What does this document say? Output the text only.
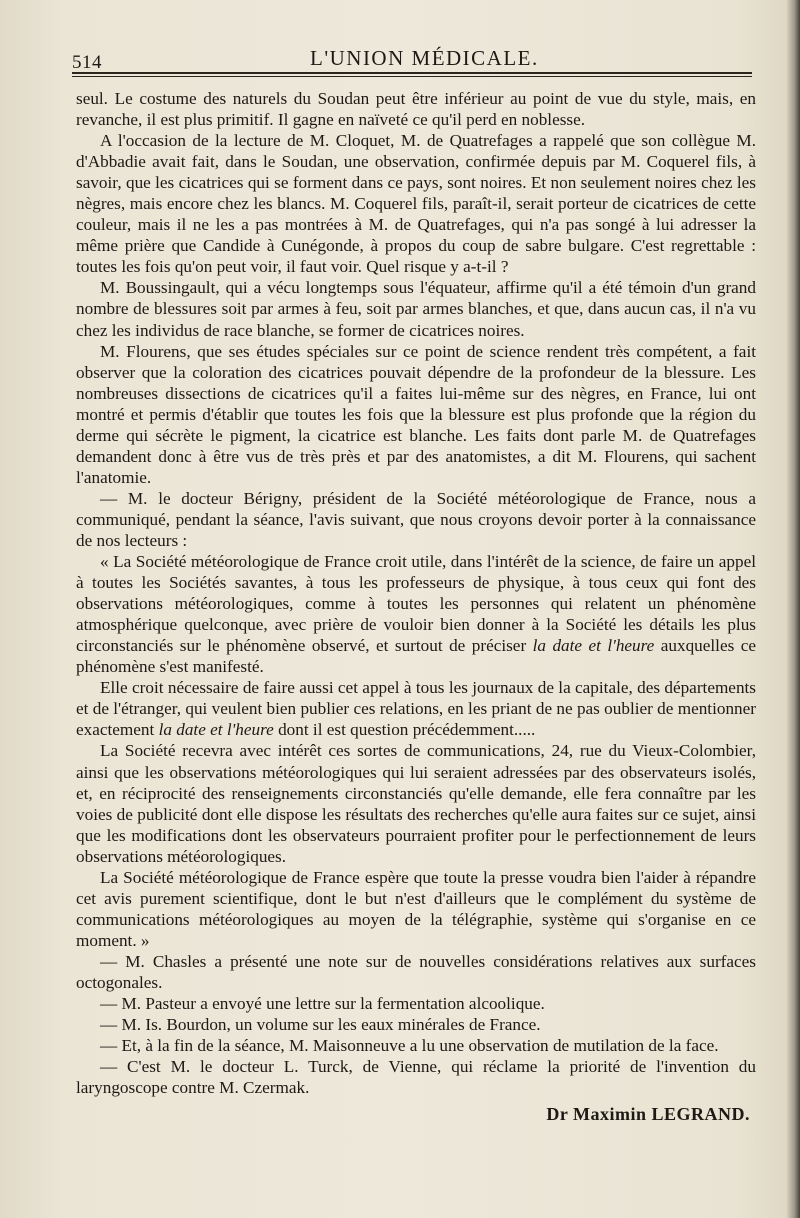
514	L'UNION MÉDICALE.

seul. Le costume des naturels du Soudan peut être inférieur au point de vue du style, mais, en revanche, il est plus primitif. Il gagne en naïveté ce qu'il perd en noblesse.

A l'occasion de la lecture de M. Cloquet, M. de Quatrefages a rappelé que son collègue M. d'Abbadie avait fait, dans le Soudan, une observation, confirmée depuis par M. Coquerel fils, à savoir, que les cicatrices qui se forment dans ce pays, sont noires. Et non seulement noires chez les nègres, mais encore chez les blancs. M. Coquerel fils, paraît-il, serait porteur de cicatrices de cette couleur, mais il ne les a pas montrées à M. de Quatrefages, qui n'a pas songé à lui adresser la même prière que Candide à Cunégonde, à propos du coup de sabre bulgare. C'est regrettable : toutes les fois qu'on peut voir, il faut voir. Quel risque y a-t-il ?

M. Boussingault, qui a vécu longtemps sous l'équateur, affirme qu'il a été témoin d'un grand nombre de blessures soit par armes à feu, soit par armes blanches, et que, dans aucun cas, il n'a vu chez les individus de race blanche, se former de cicatrices noires.

M. Flourens, que ses études spéciales sur ce point de science rendent très compétent, a fait observer que la coloration des cicatrices pouvait dépendre de la profondeur de la blessure. Les nombreuses dissections de cicatrices qu'il a faites lui-même sur des nègres, en France, lui ont montré et permis d'établir que toutes les fois que la blessure est plus profonde que la région du derme qui sécrète le pigment, la cicatrice est blanche. Les faits dont parle M. de Quatrefages demandent donc à être vus de très près et par des anatomistes, a dit M. Flourens, qui sachent l'anatomie.

— M. le docteur Bérigny, président de la Société météorologique de France, nous a communiqué, pendant la séance, l'avis suivant, que nous croyons devoir porter à la connaissance de nos lecteurs :

« La Société météorologique de France croit utile, dans l'intérêt de la science, de faire un appel à toutes les Sociétés savantes, à tous les professeurs de physique, à tous ceux qui font des observations météorologiques, comme à toutes les personnes qui relatent un phénomène atmosphérique quelconque, avec prière de vouloir bien donner à la Société les détails les plus circonstanciés sur le phénomène observé, et surtout de préciser la date et l'heure auxquelles ce phénomène s'est manifesté.

Elle croit nécessaire de faire aussi cet appel à tous les journaux de la capitale, des départements et de l'étranger, qui veulent bien publier ces relations, en les priant de ne pas oublier de mentionner exactement la date et l'heure dont il est question précédemment.....

La Société recevra avec intérêt ces sortes de communications, 24, rue du Vieux-Colombier, ainsi que les observations météorologiques qui lui seraient adressées par des observateurs isolés, et, en réciprocité des renseignements circonstanciés qu'elle demande, elle fera connaître par les voies de publicité dont elle dispose les résultats des recherches qu'elle aura faites sur ce sujet, ainsi que les modifications dont les observateurs pourraient profiter pour le perfectionnement de leurs observations météorologiques.

La Société météorologique de France espère que toute la presse voudra bien l'aider à répandre cet avis purement scientifique, dont le but n'est d'ailleurs que le complément du système de communications météorologiques au moyen de la télégraphie, système qui s'organise en ce moment. »

— M. Chasles a présenté une note sur de nouvelles considérations relatives aux surfaces octogonales.

— M. Pasteur a envoyé une lettre sur la fermentation alcoolique.

— M. Is. Bourdon, un volume sur les eaux minérales de France.

— Et, à la fin de la séance, M. Maisonneuve a lu une observation de mutilation de la face.

— C'est M. le docteur L. Turck, de Vienne, qui réclame la priorité de l'invention du laryngoscope contre M. Czermak.

Dr Maximin LEGRAND.
